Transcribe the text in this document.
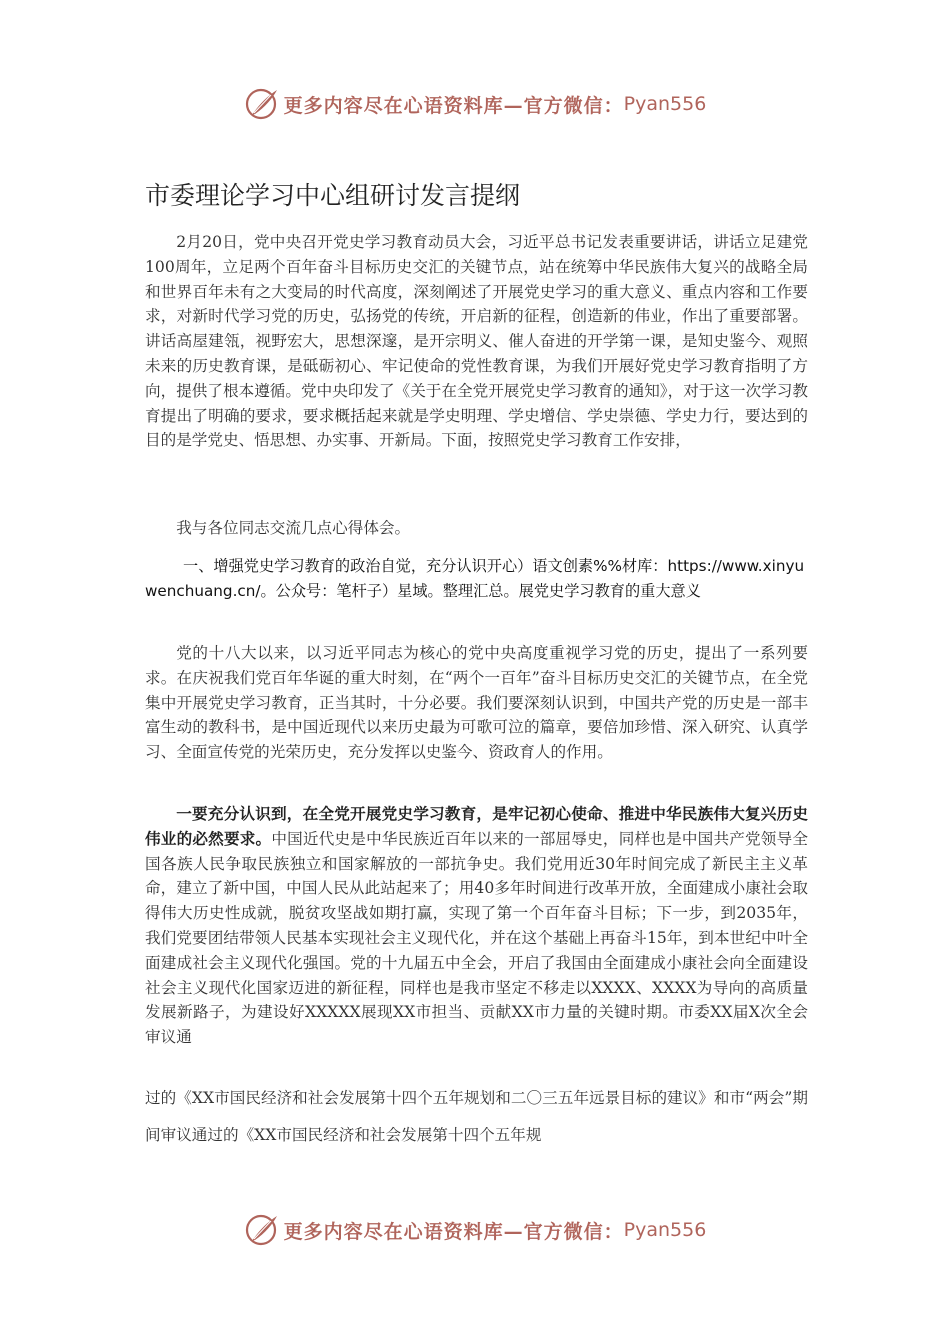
更多内容尽在心语资料库—官方微信： Pyan556
市委理论学习中心组研讨发言提纲

2月20日，党中央召开党史学习教育动员大会，习近平总书记发表重要讲话，讲话立足建党100周年，立足两个百年奋斗目标历史交汇的关键节点，站在统筹中华民族伟大复兴的战略全局和世界百年未有之大变局的时代高度，深刻阐述了开展党史学习的重大意义、重点内容和工作要求，对新时代学习党的历史，弘扬党的传统，开启新的征程，创造新的伟业，作出了重要部署。讲话高屋建瓴，视野宏大，思想深邃，是开宗明义、催人奋进的开学第一课，是知史鉴今、观照未来的历史教育课，是砥砺初心、牢记使命的党性教育课，为我们开展好党史学习教育指明了方向，提供了根本遵循。党中央印发了《关于在全党开展党史学习教育的通知》，对于这一次学习教育提出了明确的要求，要求概括起来就是学史明理、学史增信、学史崇德、学史力行，要达到的目的是学党史、悟思想、办实事、开新局。下面，按照党史学习教育工作安排，

我与各位同志交流几点心得体会。

一、增强党史学习教育的政治自觉，充分认识开心）语文创素%%材库：https://www.xinyuwenchuang.cn/。公众号：笔杆子）星域。整理汇总。展党史学习教育的重大意义

党的十八大以来，以习近平同志为核心的党中央高度重视学习党的历史，提出了一系列要求。在庆祝我们党百年华诞的重大时刻，在“两个一百年”奋斗目标历史交汇的关键节点，在全党集中开展党史学习教育，正当其时，十分必要。我们要深刻认识到，中国共产党的历史是一部丰富生动的教科书，是中国近现代以来历史最为可歌可泣的篇章，要倍加珍惜、深入研究、认真学习、全面宣传党的光荣历史，充分发挥以史鉴今、资政育人的作用。

一要充分认识到，在全党开展党史学习教育，是牢记初心使命、推进中华民族伟大复兴历史伟业的必然要求。中国近代史是中华民族近百年以来的一部屈辱史，同样也是中国共产党领导全国各族人民争取民族独立和国家解放的一部抗争史。我们党用近30年时间完成了新民主主义革命，建立了新中国，中国人民从此站起来了；用40多年时间进行改革开放，全面建成小康社会取得伟大历史性成就，脱贫攻坚战如期打赢，实现了第一个百年奋斗目标；下一步，到2035年，我们党要团结带领人民基本实现社会主义现代化，并在这个基础上再奋斗15年，到本世纪中叶全面建成社会主义现代化强国。党的十九届五中全会，开启了我国由全面建成小康社会向全面建设社会主义现代化国家迈进的新征程，同样也是我市坚定不移走以XXXX、XXXX为导向的高质量发展新路子，为建设好XXXXX展现XX市担当、贡献XX市力量的关键时期。市委XX届X次全会审议通

过的《XX市国民经济和社会发展第十四个五年规划和二〇三五年远景目标的建议》和市“两会”期间审议通过的《XX市国民经济和社会发展第十四个五年规

更多内容尽在心语资料库—官方微信： Pyan556
